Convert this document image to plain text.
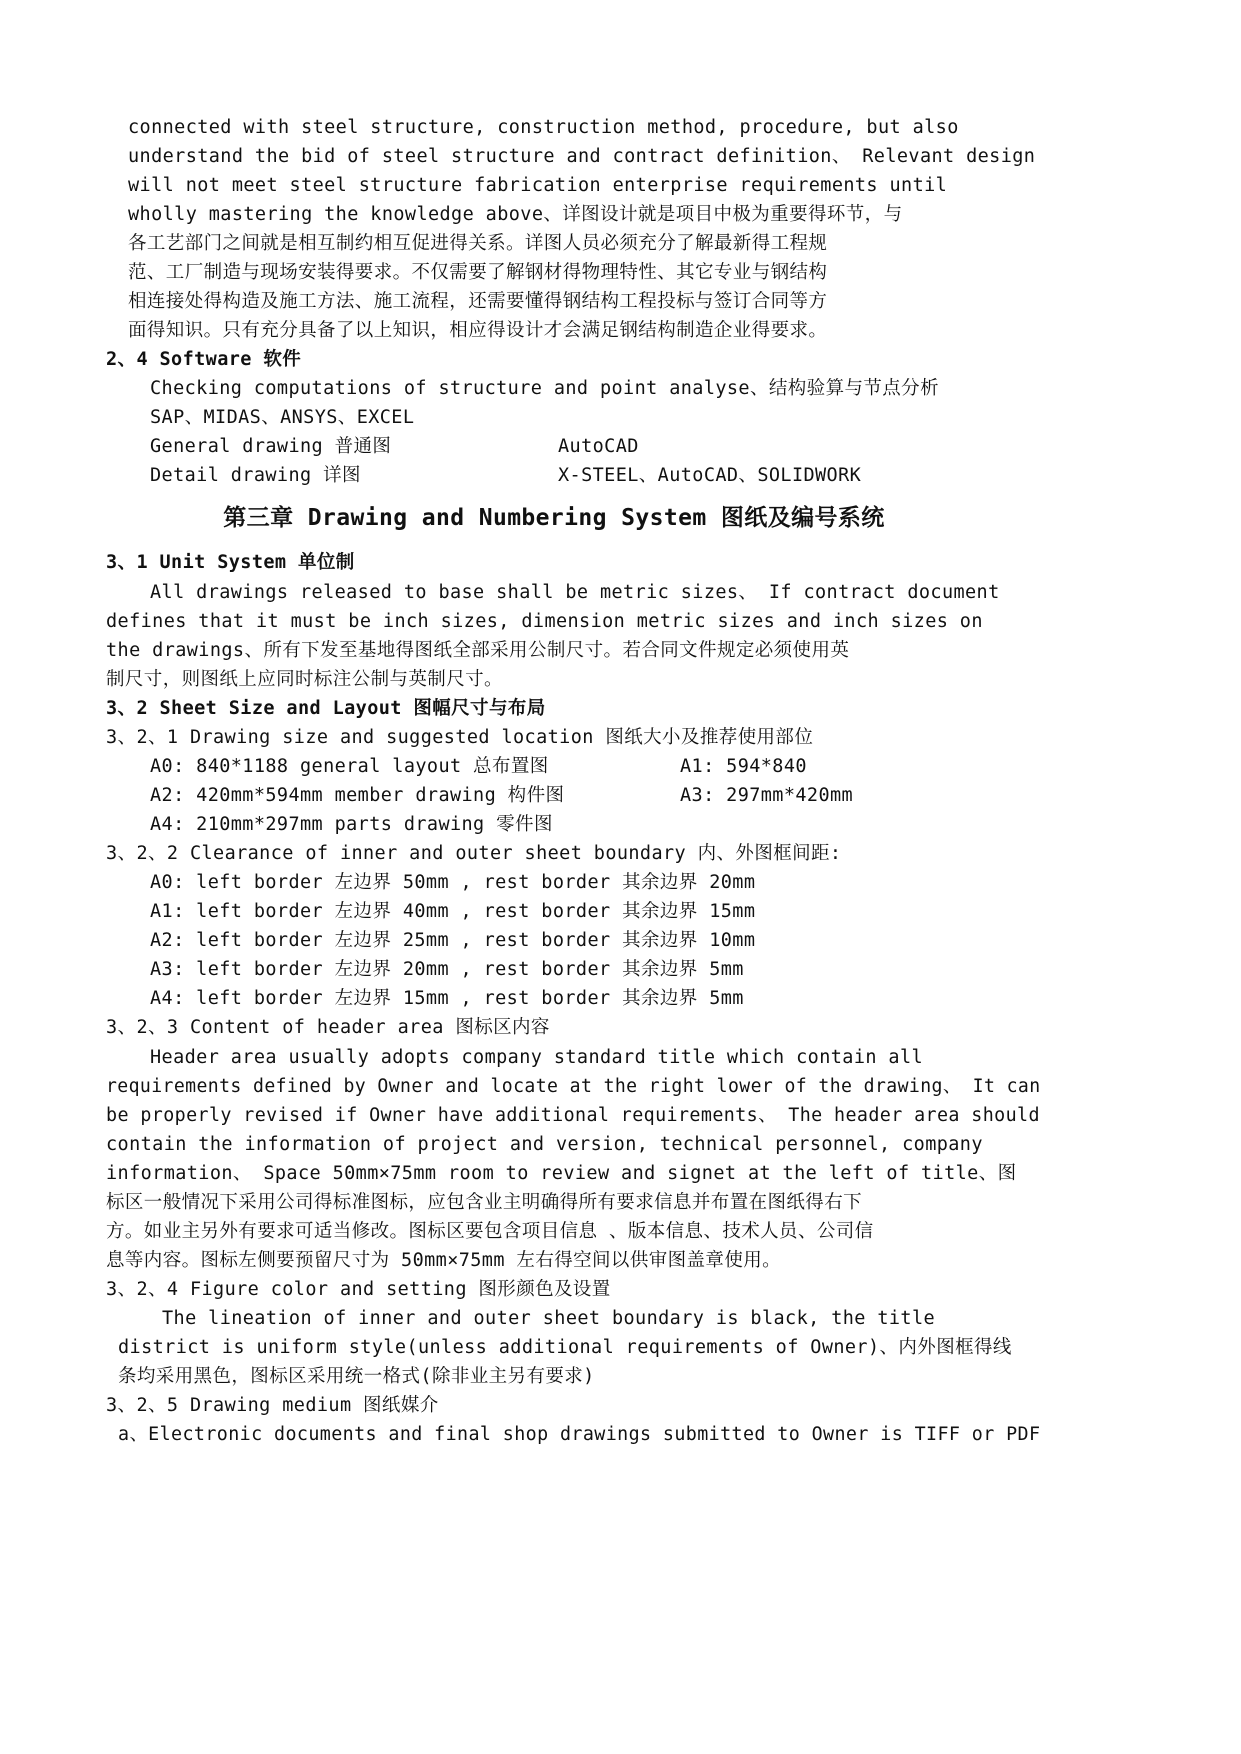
connected with steel structure, construction method, procedure, but also
understand the bid of steel structure and contract definition、 Relevant design
will not meet steel structure fabrication enterprise requirements until
wholly mastering the knowledge above、详图设计就是项目中极为重要得环节，与
各工艺部门之间就是相互制约相互促进得关系。详图人员必须充分了解最新得工程规
范、工厂制造与现场安装得要求。不仅需要了解钢材得物理特性、其它专业与钢结构
相连接处得构造及施工方法、施工流程，还需要懂得钢结构工程投标与签订合同等方
面得知识。只有充分具备了以上知识，相应得设计才会满足钢结构制造企业得要求。
2、4 Software 软件
Checking computations of structure and point analyse、结构验算与节点分析
SAP、MIDAS、ANSYS、EXCEL
General drawing 普通图	AutoCAD
Detail drawing 详图	X-STEEL、AutoCAD、SOLIDWORK
第三章 Drawing and Numbering System 图纸及编号系统
3、1 Unit System 单位制
All drawings released to base shall be metric sizes、 If contract document
defines that it must be inch sizes, dimension metric sizes and inch sizes on
the drawings、所有下发至基地得图纸全部采用公制尺寸。若合同文件规定必须使用英
制尺寸，则图纸上应同时标注公制与英制尺寸。
3、2 Sheet Size and Layout 图幅尺寸与布局
3、2、1 Drawing size and suggested location 图纸大小及推荐使用部位
A0: 840*1188 general layout 总布置图	A1: 594*840
A2: 420mm*594mm member drawing 构件图	A3: 297mm*420mm
A4: 210mm*297mm parts drawing 零件图
3、2、2 Clearance of inner and outer sheet boundary 内、外图框间距:
A0: left border 左边界 50mm , rest border 其余边界 20mm
A1: left border 左边界 40mm , rest border 其余边界 15mm
A2: left border 左边界 25mm , rest border 其余边界 10mm
A3: left border 左边界 20mm , rest border 其余边界 5mm
A4: left border 左边界 15mm , rest border 其余边界 5mm
3、2、3 Content of header area 图标区内容
Header area usually adopts company standard title which contain all
requirements defined by Owner and locate at the right lower of the drawing、 It can
be properly revised if Owner have additional requirements、 The header area should
contain the information of project and version, technical personnel, company
information、 Space 50mm×75mm room to review and signet at the left of title、图
标区一般情况下采用公司得标准图标，应包含业主明确得所有要求信息并布置在图纸得右下
方。如业主另外有要求可适当修改。图标区要包含项目信息 、版本信息、技术人员、公司信
息等内容。图标左侧要预留尺寸为 50mm×75mm 左右得空间以供审图盖章使用。
3、2、4 Figure color and setting 图形颜色及设置
The lineation of inner and outer sheet boundary is black, the title
district is uniform style(unless additional requirements of Owner)、内外图框得线
条均采用黑色，图标区采用统一格式(除非业主另有要求)
3、2、5 Drawing medium 图纸媒介
a、Electronic documents and final shop drawings submitted to Owner is TIFF or PDF
